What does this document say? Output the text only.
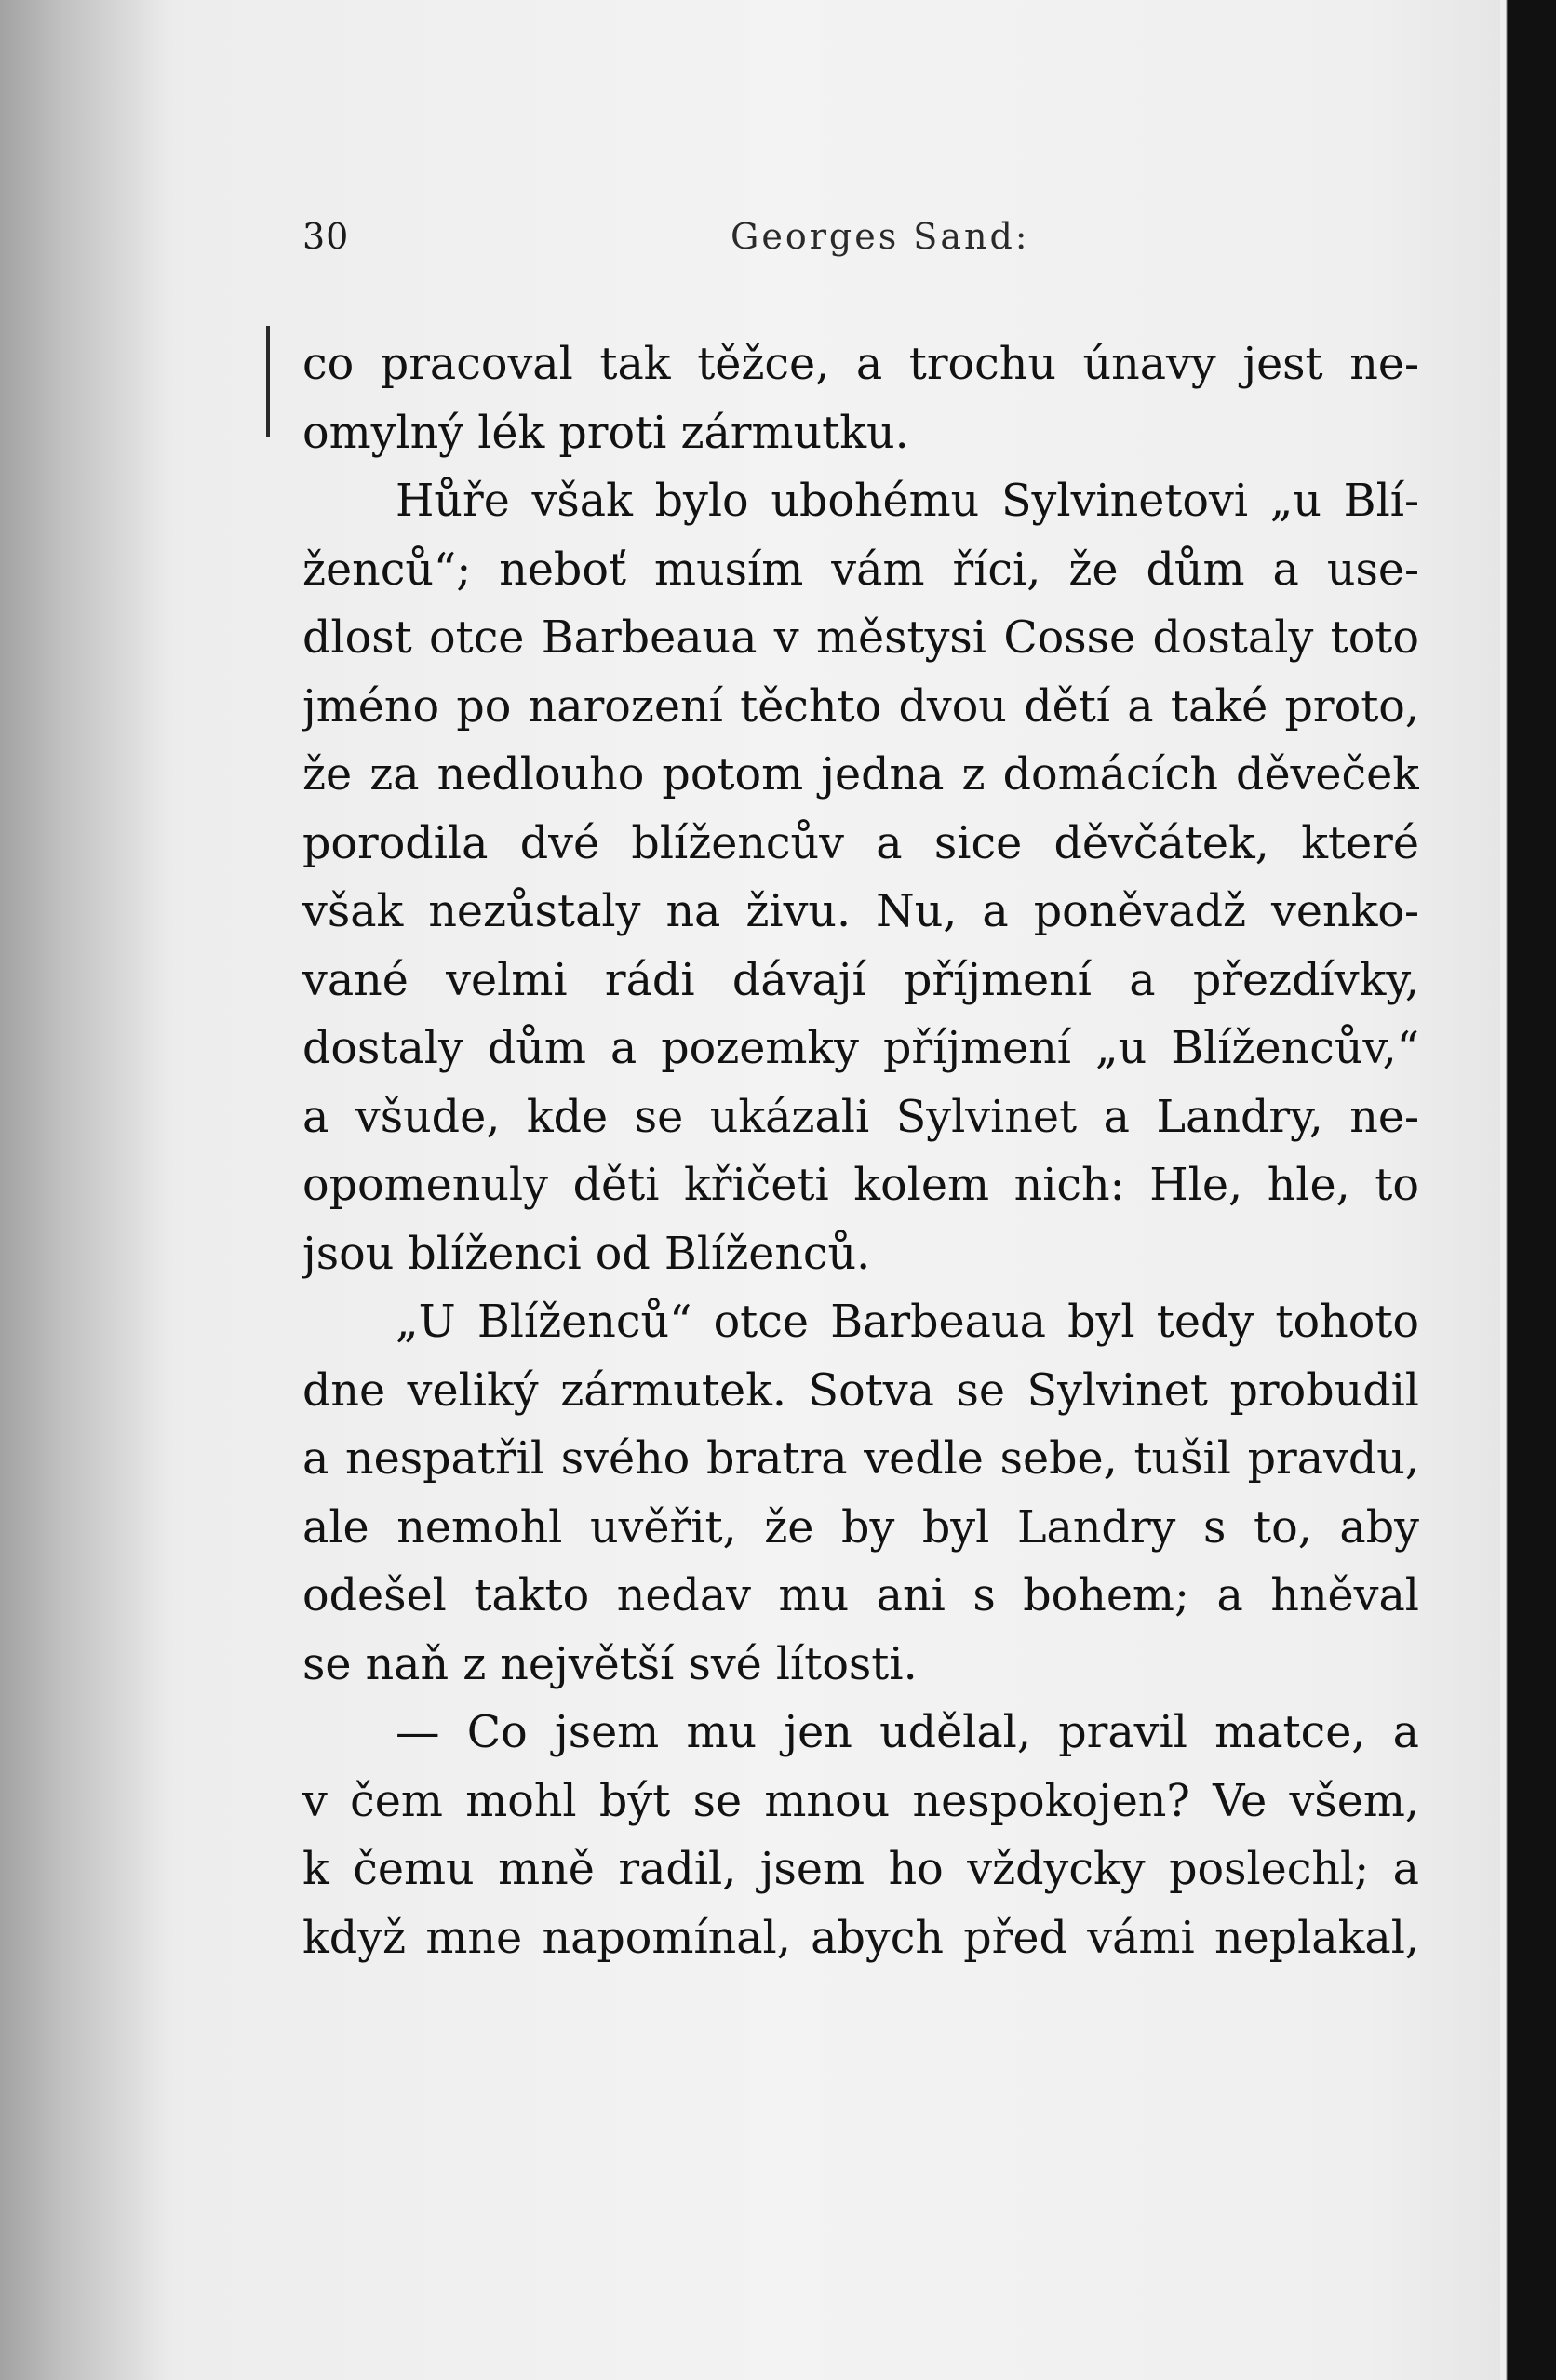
30	Georges Sand:
co pracoval tak těžce, a trochu únavy jest ne-
omylný lék proti zármutku.
Hůře však bylo ubohému Sylvinetovi „u Blí-
ženců“; neboť musím vám říci, že dům a use-
dlost otce Barbeaua v městysi Cosse dostaly toto
jméno po narození těchto dvou dětí a také proto,
že za nedlouho potom jedna z domácích děveček
porodila dvé blížencův a sice děvčátek, které
však nezůstaly na živu. Nu, a poněvadž venko-
vané velmi rádi dávají příjmení a přezdívky,
dostaly dům a pozemky příjmení „u Blížencův,“
a všude, kde se ukázali Sylvinet a Landry, ne-
opomenuly děti křičeti kolem nich: Hle, hle, to
jsou blíženci od Blíženců.
„U Blíženců“ otce Barbeaua byl tedy tohoto
dne veliký zármutek. Sotva se Sylvinet probudil
a nespatřil svého bratra vedle sebe, tušil pravdu,
ale nemohl uvěřit, že by byl Landry s to, aby
odešel takto nedav mu ani s bohem; a hněval
se naň z největší své lítosti.
— Co jsem mu jen udělal, pravil matce, a
v čem mohl být se mnou nespokojen? Ve všem,
k čemu mně radil, jsem ho vždycky poslechl; a
když mne napomínal, abych před vámi neplakal,
